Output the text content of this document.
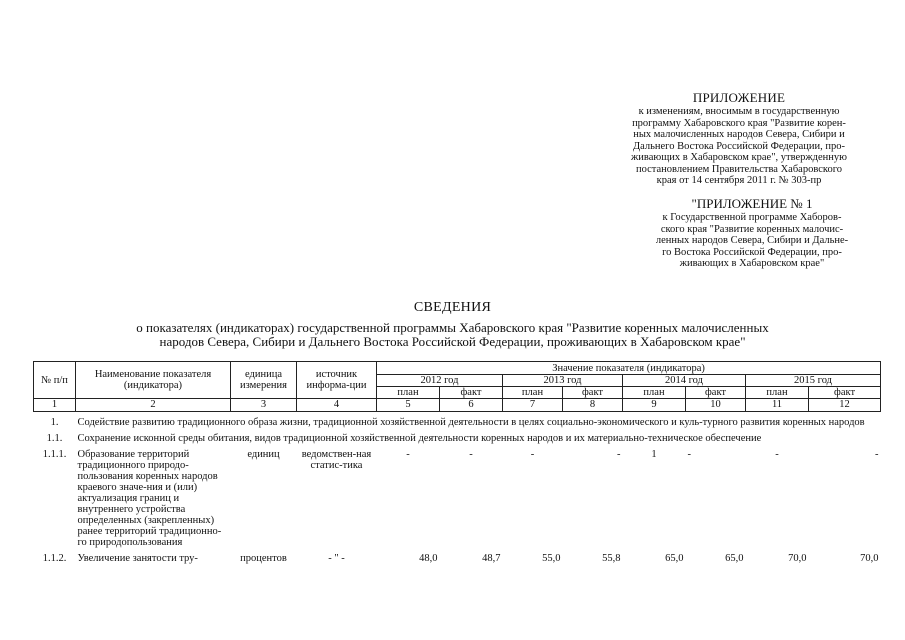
ПРИЛОЖЕНИЕ
к изменениям, вносимым в государственную
программу Хабаровского края "Развитие корен-
ных малочисленных народов Севера, Сибири и
Дальнего Востока Российской Федерации, про-
живающих в Хабаровском крае", утвержденную
постановлением Правительства Хабаровского
края от 14 сентября 2011 г. № 303-пр
"ПРИЛОЖЕНИЕ № 1
к Государственной программе Хаборов-
ского края "Развитие коренных малочис-
ленных народов Севера, Сибири и Дальне-
го Востока Российской Федерации, про-
живающих в Хабаровском крае"
СВЕДЕНИЯ
о показателях (индикаторах) государственной программы Хабаровского края "Развитие коренных малочисленных
народов Севера, Сибири и Дальнего Востока Российской Федерации, проживающих в Хабаровском крае"
№ п/п	Наименование показателя (индикатора)	единица измерения	источник информа-ции	Значение показателя (индикатора)							
				2012 год		2013 год		2014 год		2015 год	
				план	факт	план	факт	план	факт	план	факт
1	2	3	4	5	6	7	8	9	10	11	12

1.	Содействие развитию традиционного образа жизни, традиционной хозяйственной деятельности в целях социально-экономического и куль-турного развития коренных народов										

1.1.	Сохранение исконной среды обитания, видов традиционной хозяйственной деятельности коренных народов и их материально-техническое обеспечение										

1.1.1.	Образование территорий традиционного природо-пользования коренных народов краевого значе-ния и (или) актуализация границ и внутреннего устройства определенных (закрепленных) ранее территорий традиционно-го природопользования	единиц	ведомствен-ная статис-тика	-	-	-	-	1	-	-	-

1.1.2.	Увеличение занятости тру-	процентов	- " -	48,0	48,7	55,0	55,8	65,0	65,0	70,0	70,0
